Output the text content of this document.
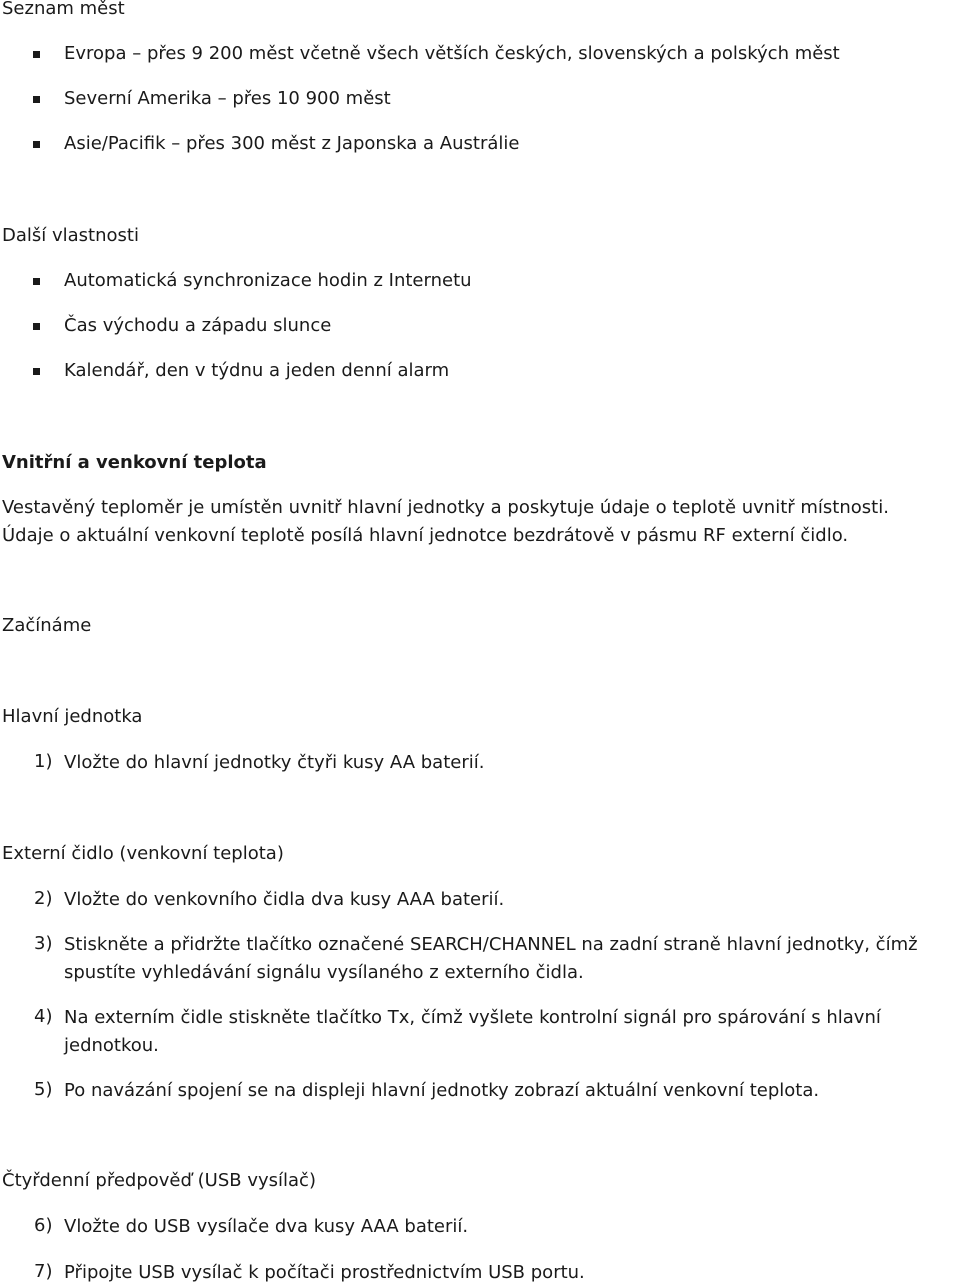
Seznam měst
Evropa – přes 9 200 měst včetně všech větších českých, slovenských a polských měst
Severní Amerika – přes 10 900 měst
Asie/Pacifik – přes 300 měst z Japonska a Austrálie
Další vlastnosti
Automatická synchronizace hodin z Internetu
Čas východu a západu slunce
Kalendář, den v týdnu a jeden denní alarm
Vnitřní a venkovní teplota
Vestavěný teploměr je umístěn uvnitř hlavní jednotky a poskytuje údaje o teplotě uvnitř místnosti.
Údaje o aktuální venkovní teplotě posílá hlavní jednotce bezdrátově v pásmu RF externí čidlo.
Začínáme
Hlavní jednotka
1) Vložte do hlavní jednotky čtyři kusy AA baterií.
Externí čidlo (venkovní teplota)
2) Vložte do venkovního čidla dva kusy AAA baterií.
3) Stiskněte a přidržte tlačítko označené SEARCH/CHANNEL na zadní straně hlavní jednotky, čímž
spustíte vyhledávání signálu vysílaného z externího čidla.
4) Na externím čidle stiskněte tlačítko Tx, čímž vyšlete kontrolní signál pro spárování s hlavní
jednotkou.
5) Po navázání spojení se na displeji hlavní jednotky zobrazí aktuální venkovní teplota.
Čtyřdenní předpověď (USB vysílač)
6) Vložte do USB vysílače dva kusy AAA baterií.
7) Připojte USB vysílač k počítači prostřednictvím USB portu.
